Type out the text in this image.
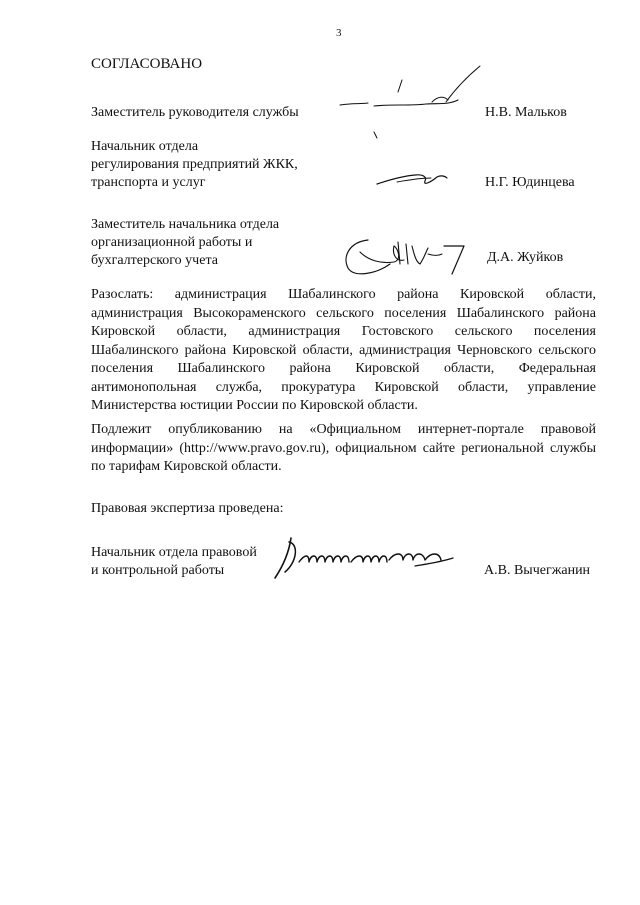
3
СОГЛАСОВАНО
Заместитель руководителя службы	Н.В. Мальков
Начальник отдела
регулирования предприятий ЖКК,
транспорта и услуг	Н.Г. Юдинцева
Заместитель начальника отдела
организационной работы и
бухгалтерского учета	Д.А. Жуйков
Разослать: администрация Шабалинского района Кировской области, администрация Высокораменского сельского поселения Шабалинского района Кировской области, администрация Гостовского сельского поселения Шабалинского района Кировской области, администрация Черновского сельского поселения Шабалинского района Кировской области, Федеральная антимонопольная служба, прокуратура Кировской области, управление Министерства юстиции России по Кировской области.
Подлежит опубликованию на «Официальном интернет-портале правовой информации» (http://www.pravo.gov.ru), официальном сайте региональной службы по тарифам Кировской области.
Правовая экспертиза проведена:
Начальник отдела правовой
и контрольной работы	А.В. Вычегжанин
